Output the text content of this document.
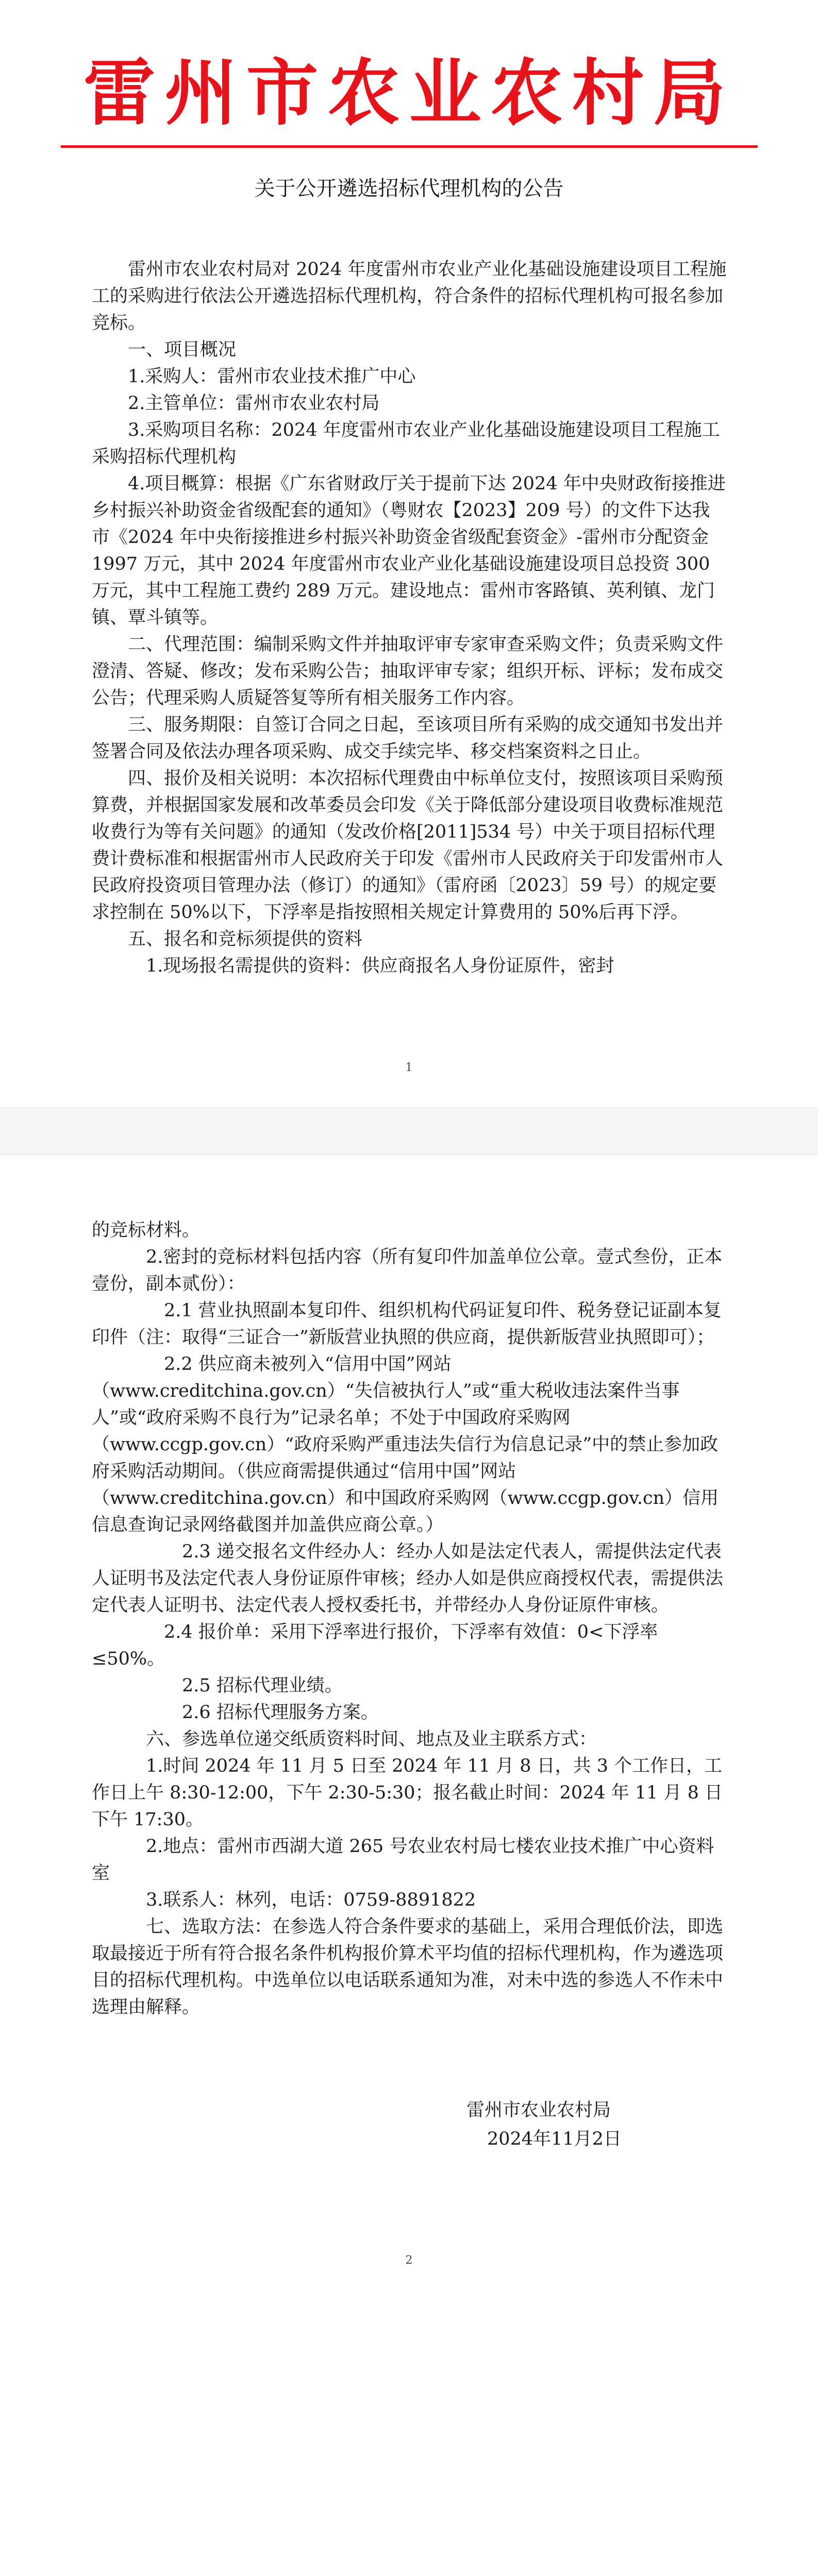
雷州市农业农村局
关于公开遴选招标代理机构的公告

雷州市农业农村局对 2024 年度雷州市农业产业化基础设施建设项目工程施工的采购进行依法公开遴选招标代理机构，符合条件的招标代理机构可报名参加竞标。

一、项目概况

1.采购人：雷州市农业技术推广中心

2.主管单位：雷州市农业农村局

3.采购项目名称：2024 年度雷州市农业产业化基础设施建设项目工程施工采购招标代理机构

4.项目概算：根据《广东省财政厅关于提前下达 2024 年中央财政衔接推进乡村振兴补助资金省级配套的通知》（粤财农【2023】209 号）的文件下达我市《2024 年中央衔接推进乡村振兴补助资金省级配套资金》-雷州市分配资金 1997 万元，其中 2024 年度雷州市农业产业化基础设施建设项目总投资 300 万元，其中工程施工费约 289 万元。建设地点：雷州市客路镇、英利镇、龙门镇、覃斗镇等。

二、代理范围：编制采购文件并抽取评审专家审查采购文件；负责采购文件澄清、答疑、修改；发布采购公告；抽取评审专家；组织开标、评标；发布成交公告；代理采购人质疑答复等所有相关服务工作内容。

三、服务期限：自签订合同之日起，至该项目所有采购的成交通知书发出并签署合同及依法办理各项采购、成交手续完毕、移交档案资料之日止。

四、报价及相关说明：本次招标代理费由中标单位支付，按照该项目采购预算费，并根据国家发展和改革委员会印发《关于降低部分建设项目收费标准规范收费行为等有关问题》的通知（发改价格[2011]534 号）中关于项目招标代理费计费标准和根据雷州市人民政府关于印发《雷州市人民政府关于印发雷州市人民政府投资项目管理办法（修订）的通知》（雷府函〔2023〕59 号）的规定要求控制在 50%以下，下浮率是指按照相关规定计算费用的 50%后再下浮。

五、报名和竞标须提供的资料

1.现场报名需提供的资料：供应商报名人身份证原件，密封

1

的竞标材料。

2.密封的竞标材料包括内容（所有复印件加盖单位公章。壹式叁份，正本壹份，副本贰份）：

2.1 营业执照副本复印件、组织机构代码证复印件、税务登记证副本复印件（注：取得“三证合一”新版营业执照的供应商，提供新版营业执照即可）；

2.2 供应商未被列入“信用中国”网站（www.creditchina.gov.cn）“失信被执行人”或“重大税收违法案件当事人”或“政府采购不良行为”记录名单；不处于中国政府采购网（www.ccgp.gov.cn）“政府采购严重违法失信行为信息记录”中的禁止参加政府采购活动期间。（供应商需提供通过“信用中国”网站（www.creditchina.gov.cn）和中国政府采购网（www.ccgp.gov.cn）信用信息查询记录网络截图并加盖供应商公章。）

2.3 递交报名文件经办人：经办人如是法定代表人，需提供法定代表人证明书及法定代表人身份证原件审核；经办人如是供应商授权代表，需提供法定代表人证明书、法定代表人授权委托书，并带经办人身份证原件审核。

2.4 报价单：采用下浮率进行报价，下浮率有效值：0<下浮率≤50%。

2.5 招标代理业绩。

2.6 招标代理服务方案。

六、参选单位递交纸质资料时间、地点及业主联系方式：

1.时间 2024 年 11 月 5 日至 2024 年 11 月 8 日，共 3 个工作日，工作日上午 8:30-12:00，下午 2:30-5:30；报名截止时间：2024 年 11 月 8 日下午 17:30。

2.地点：雷州市西湖大道 265 号农业农村局七楼农业技术推广中心资料室

3.联系人：林列，电话：0759-8891822

七、选取方法：在参选人符合条件要求的基础上，采用合理低价法，即选取最接近于所有符合报名条件机构报价算术平均值的招标代理机构，作为遴选项目的招标代理机构。中选单位以电话联系通知为准，对未中选的参选人不作未中选理由解释。

雷州市农业农村局
2024年11月2日
2
